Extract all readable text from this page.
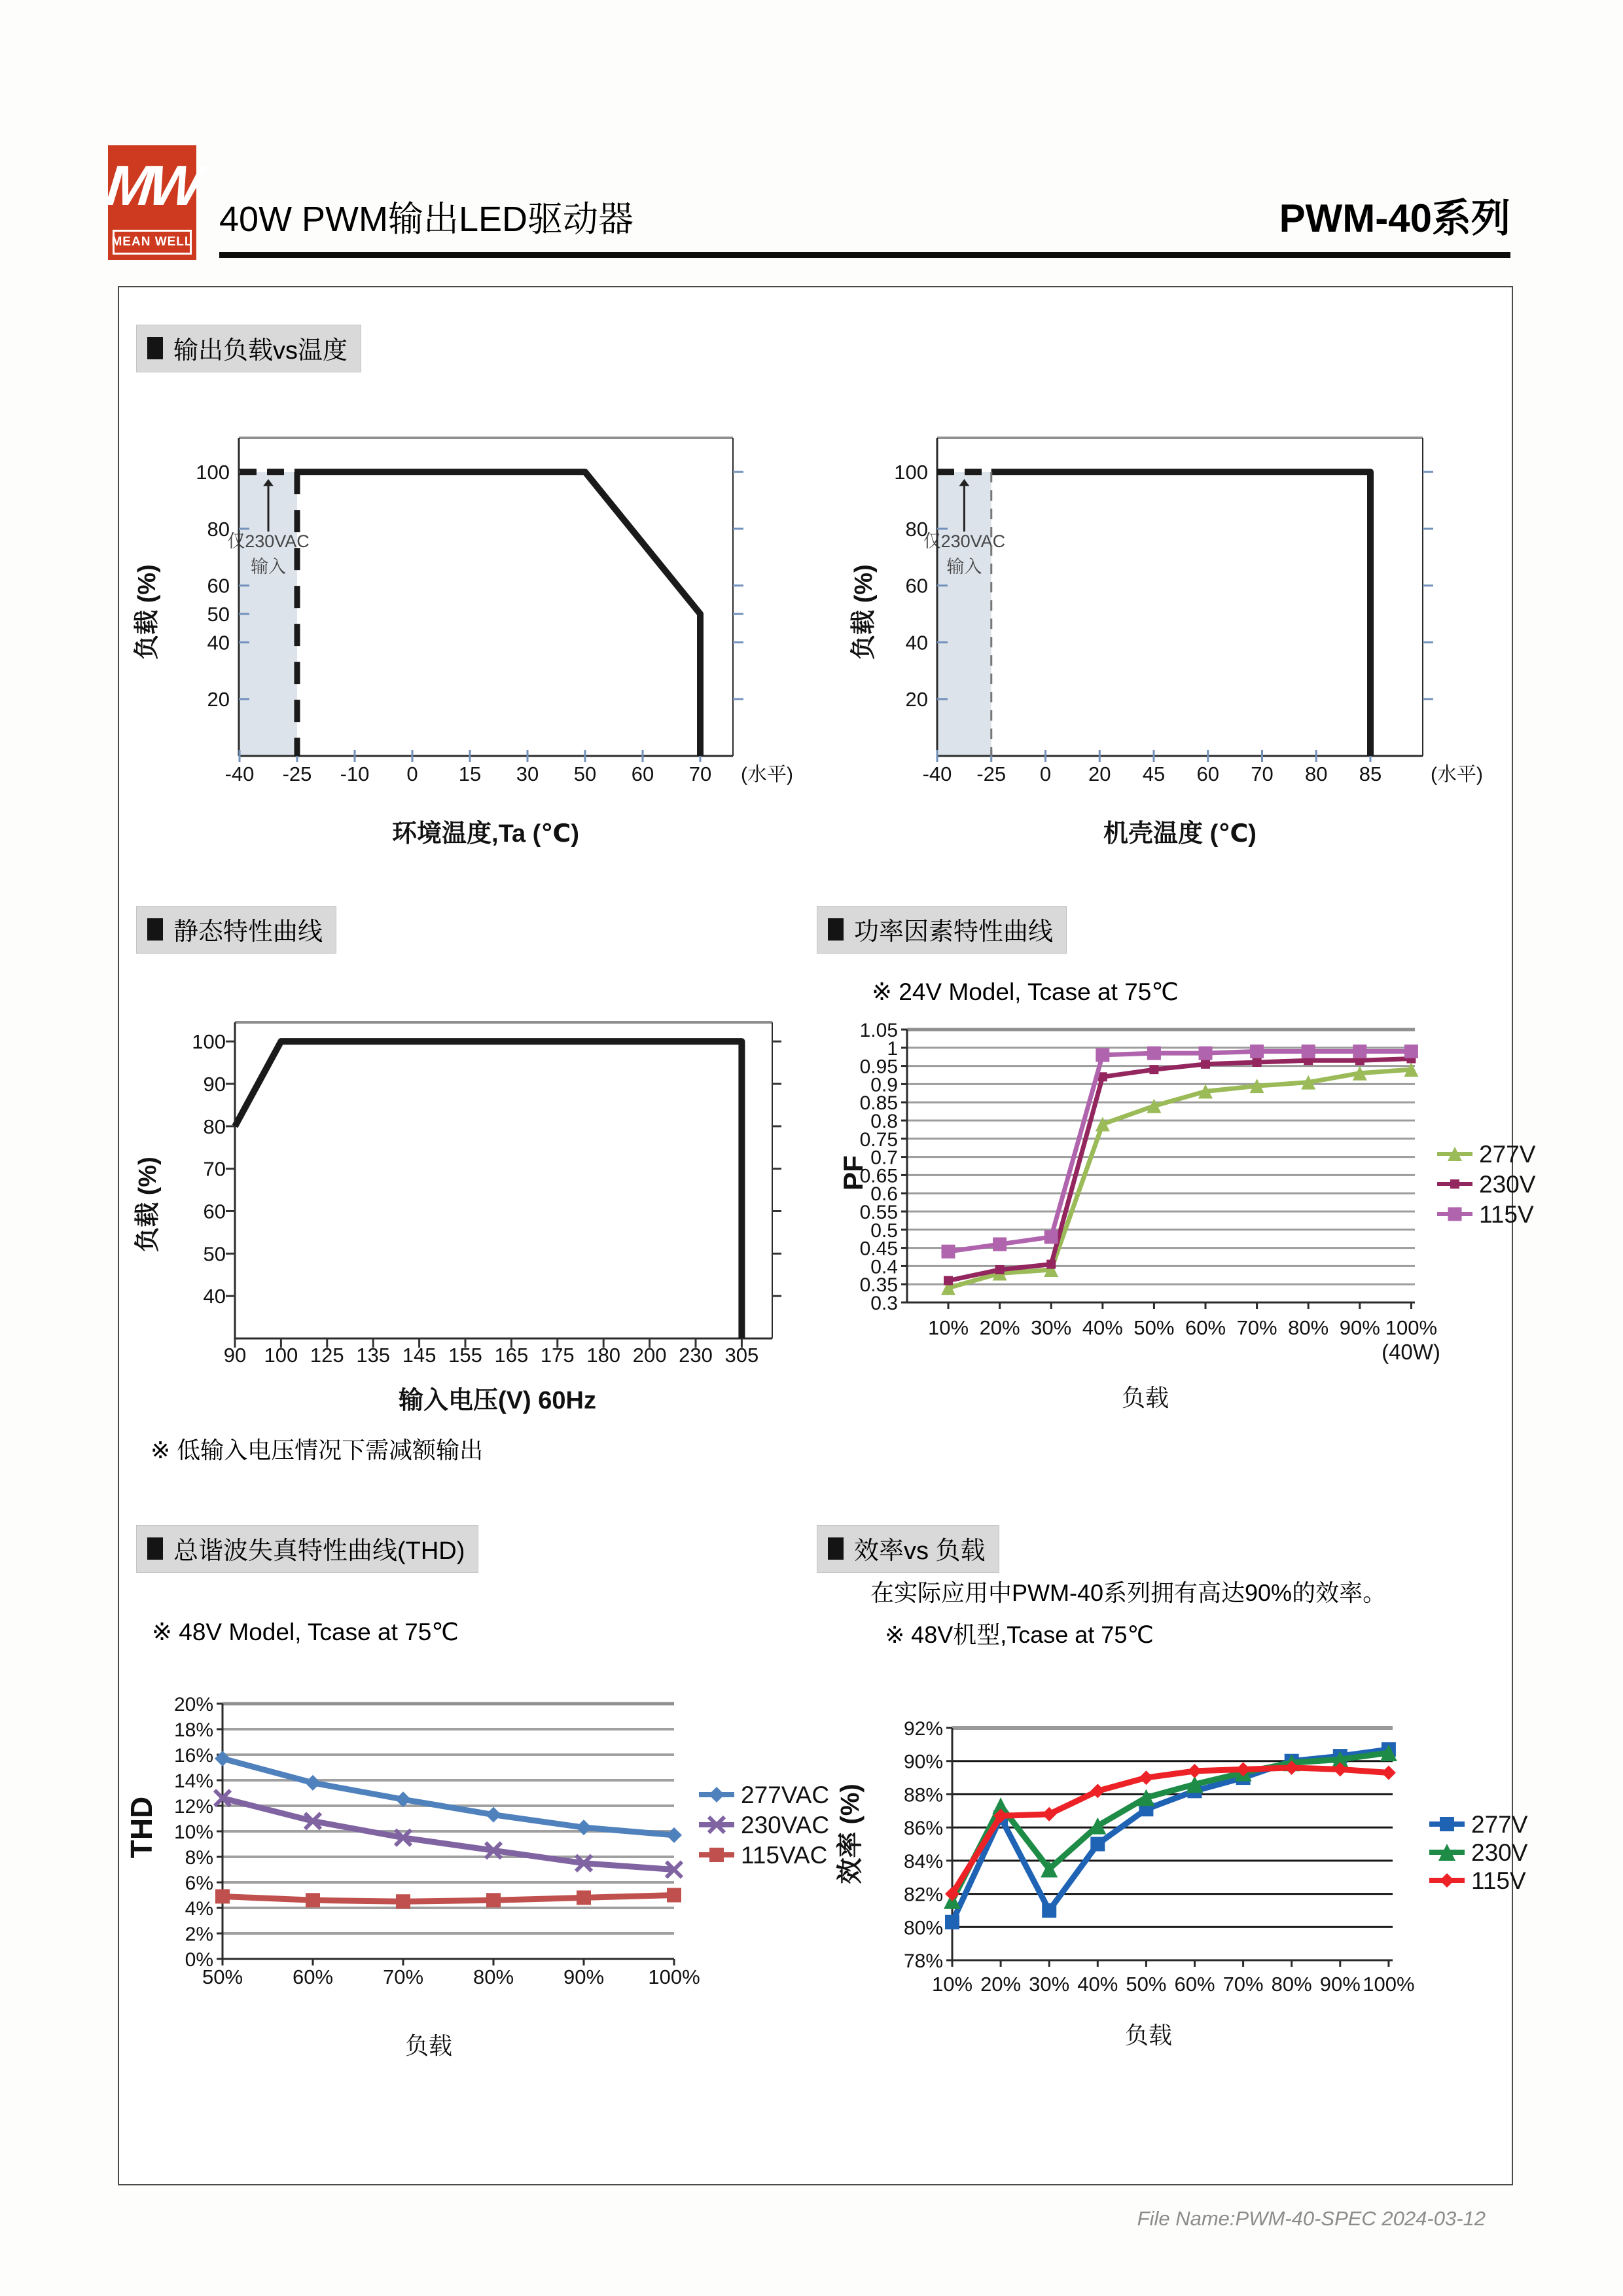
MW
MEAN WELL
40W PWM输出LED驱动器	PWM-40系列
输出负载vs温度
静态特性曲线	功率因素特性曲线
总谐波失真特性曲线(THD)	效率vs 负载
※ 24V Model, Tcase at 75℃
※ 48V Model, Tcase at 75℃
在实际应用中PWM-40系列拥有高达90%的效率。
※ 48V机型,Tcase at 75℃
※ 低输入电压情况下需减额输出
仅230VAC
输入
20
40
50
60
80
100
-40 -25 -10 0 15 30 50 60 70 (水平)
环境温度,Ta (℃)
负载 (%)
仅230VAC
输入
20
40
60
80
100
-40 -25 0 20 45 60 70 80 85 (水平)
机壳温度 (℃)
负载 (%)
40
50
60
70
80
90
100
90 100 125 135 145 155 165 175 180 200 230 305
输入电压(V) 60Hz
负载 (%)
0.3
0.35
0.4
0.45
0.5
0.55
0.6
0.65
0.7
0.75
0.8
0.85
0.9
0.95
1
1.05
10% 20% 30% 40% 50% 60% 70% 80% 90% 100%
(40W)
277V
230V
115V
负载
PF
0%
2%
4%
6%
8%
10%
12%
14%
16%
18%
20%
50% 60% 70% 80% 90% 100%
277VAC
230VAC
115VAC
负载
THD
78%
80%
82%
84%
86%
88%
90%
92%
10% 20% 30% 40% 50% 60% 70% 80% 90% 100%
277V
230V
115V
负载
效率 (%)
File Name:PWM-40-SPEC 2024-03-12
